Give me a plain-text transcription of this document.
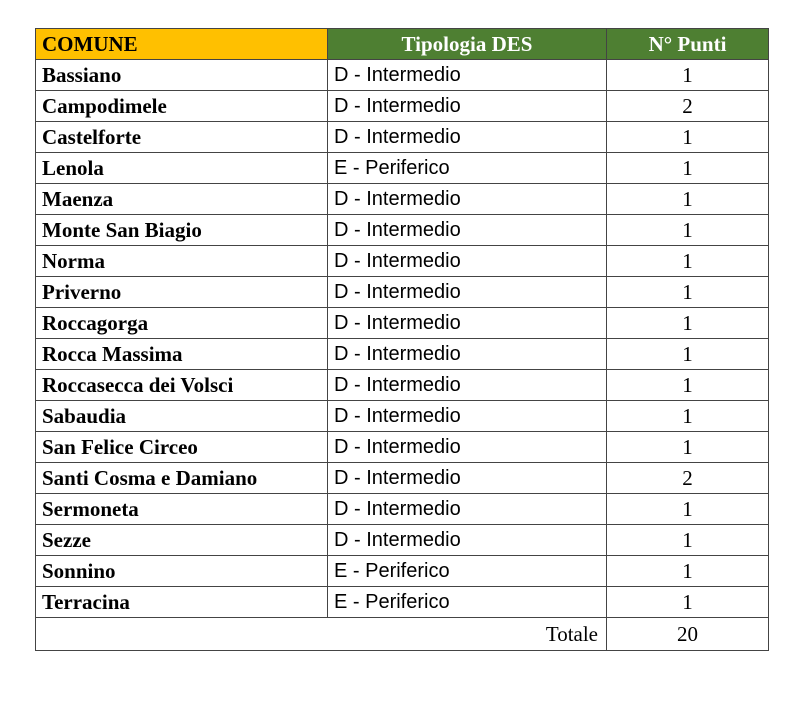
COMUNE	Tipologia DES	N° Punti
Bassiano	D - Intermedio	1
Campodimele	D - Intermedio	2
Castelforte	D - Intermedio	1
Lenola	E - Periferico	1
Maenza	D - Intermedio	1
Monte San Biagio	D - Intermedio	1
Norma	D - Intermedio	1
Priverno	D - Intermedio	1
Roccagorga	D - Intermedio	1
Rocca Massima	D - Intermedio	1
Roccasecca dei Volsci	D - Intermedio	1
Sabaudia	D - Intermedio	1
San Felice Circeo	D - Intermedio	1
Santi Cosma e Damiano	D - Intermedio	2
Sermoneta	D - Intermedio	1
Sezze	D - Intermedio	1
Sonnino	E - Periferico	1
Terracina	E - Periferico	1
Totale		20
